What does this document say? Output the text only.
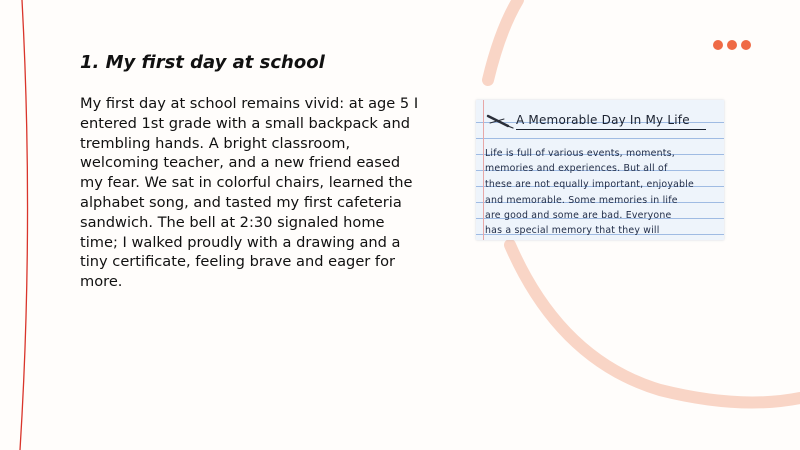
1. My first day at school

My first day at school remains vivid: at age 5 I entered 1st grade with a small backpack and trembling hands. A bright classroom, welcoming teacher, and a new friend eased my fear. We sat in colorful chairs, learned the alphabet song, and tasted my first cafeteria sandwich. The bell at 2:30 signaled home time; I walked proudly with a drawing and a tiny certificate, feeling brave and eager for more.

A Memorable Day In My Life
Life is full of various events, moments,
memories and experiences. But all of
these are not equally important, enjoyable
and memorable. Some memories in life
are good and some are bad. Everyone
has a special memory that they will
